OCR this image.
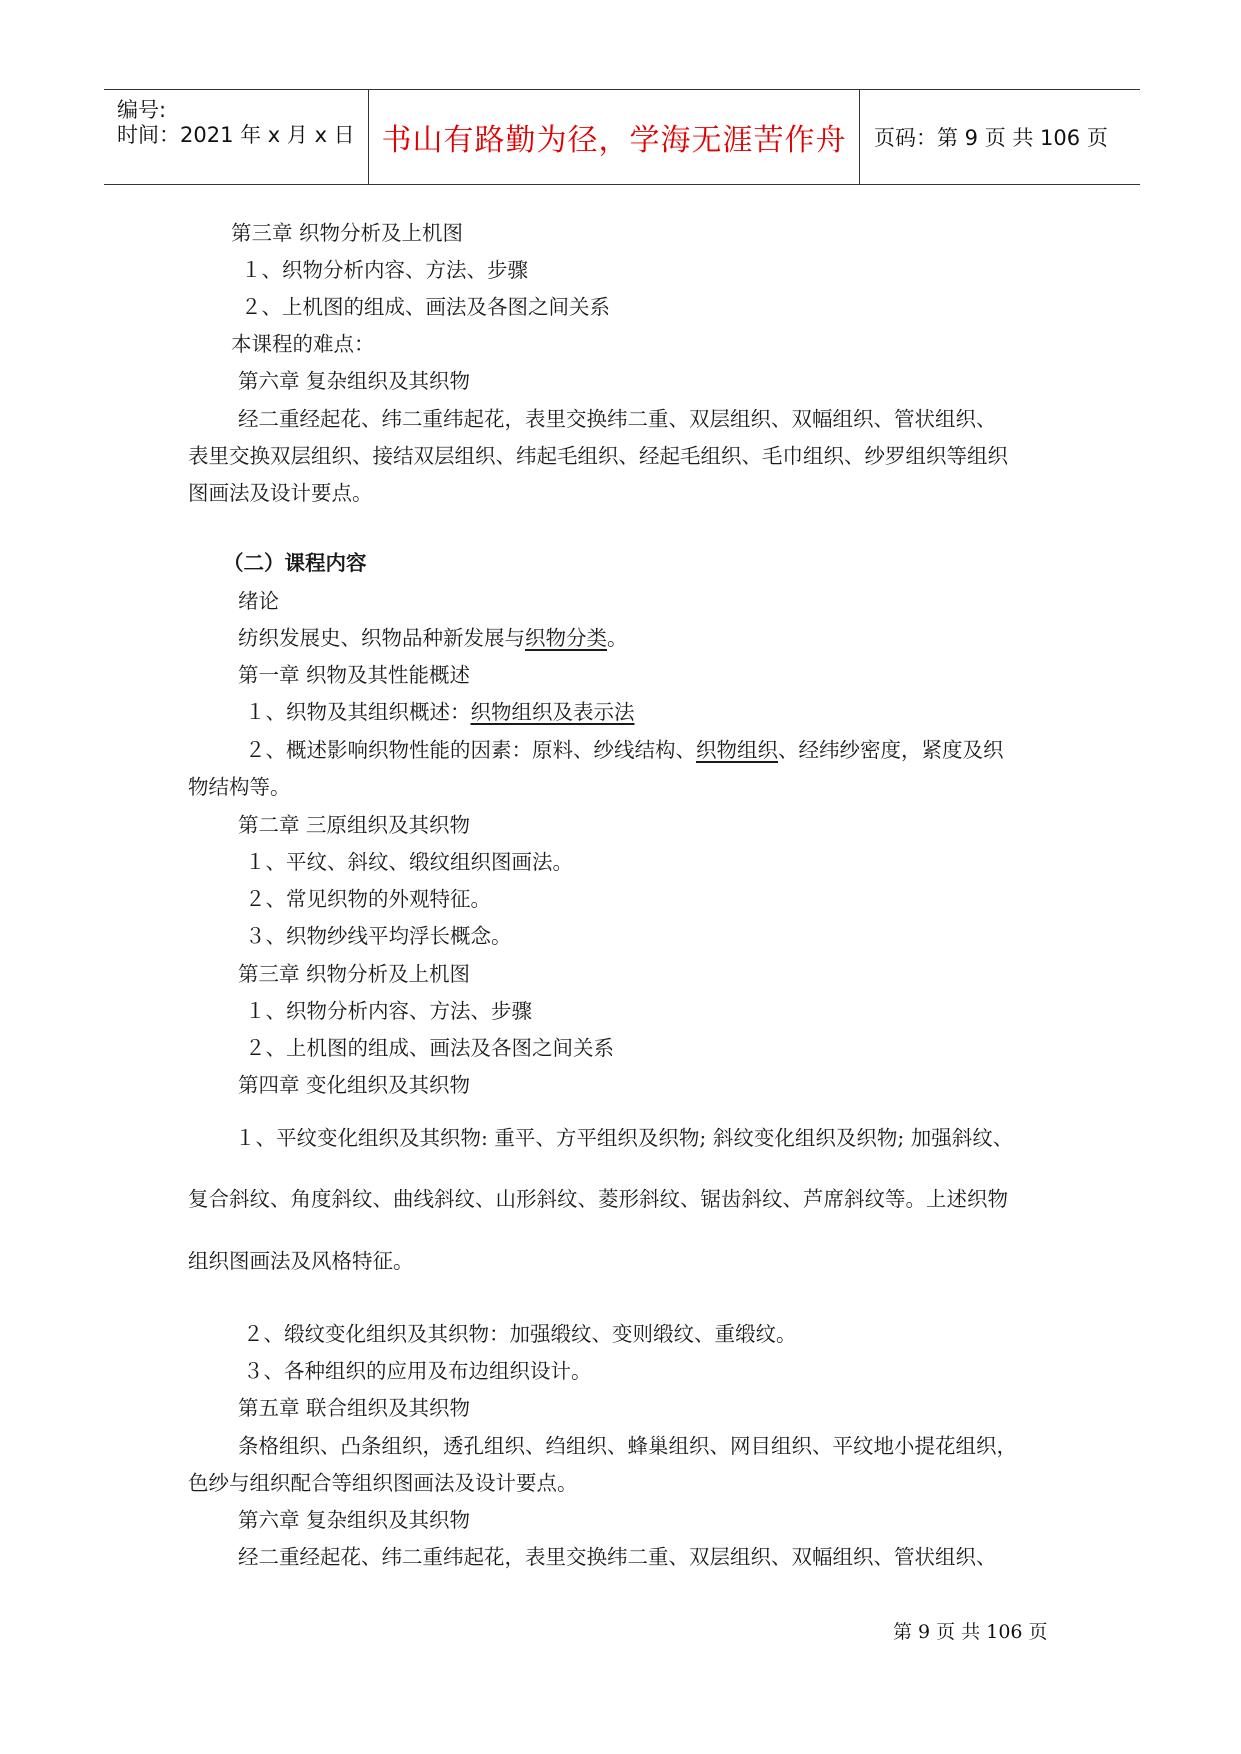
编号:
时间：2021 年 x 月 x 日 书山有路勤为径，学海无涯苦作舟	页码：第 9 页 共 106 页
第三章 织物分析及上机图
１、织物分析内容、方法、步骤
２、上机图的组成、画法及各图之间关系
本课程的难点：
第六章 复杂组织及其织物
经二重经起花、纬二重纬起花，表里交换纬二重、双层组织、双幅组织、管状组织、
表里交换双层组织、接结双层组织、纬起毛组织、经起毛组织、毛巾组织、纱罗组织等组织
图画法及设计要点。
（二）课程内容
绪论
纺织发展史、织物品种新发展与织物分类。
第一章 织物及其性能概述
１、织物及其组织概述：织物组织及表示法
２、概述影响织物性能的因素：原料、纱线结构、织物组织、经纬纱密度，紧度及织
物结构等。
第二章 三原组织及其织物
１、平纹、斜纹、缎纹组织图画法。
２、常见织物的外观特征。
３、织物纱线平均浮长概念。
第三章 织物分析及上机图
１、织物分析内容、方法、步骤
２、上机图的组成、画法及各图之间关系
第四章 变化组织及其织物
１、平纹变化组织及其织物: 重平、方平组织及织物; 斜纹变化组织及织物; 加强斜纹、
复合斜纹、角度斜纹、曲线斜纹、山形斜纹、菱形斜纹、锯齿斜纹、芦席斜纹等。上述织物
组织图画法及风格特征。
２、缎纹变化组织及其织物：加强缎纹、变则缎纹、重缎纹。
３、各种组织的应用及布边组织设计。
第五章 联合组织及其织物
条格组织、凸条组织，透孔组织、绉组织、蜂巢组织、网目组织、平纹地小提花组织，
色纱与组织配合等组织图画法及设计要点。
第六章 复杂组织及其织物
经二重经起花、纬二重纬起花，表里交换纬二重、双层组织、双幅组织、管状组织、
第 9 页 共 106 页
